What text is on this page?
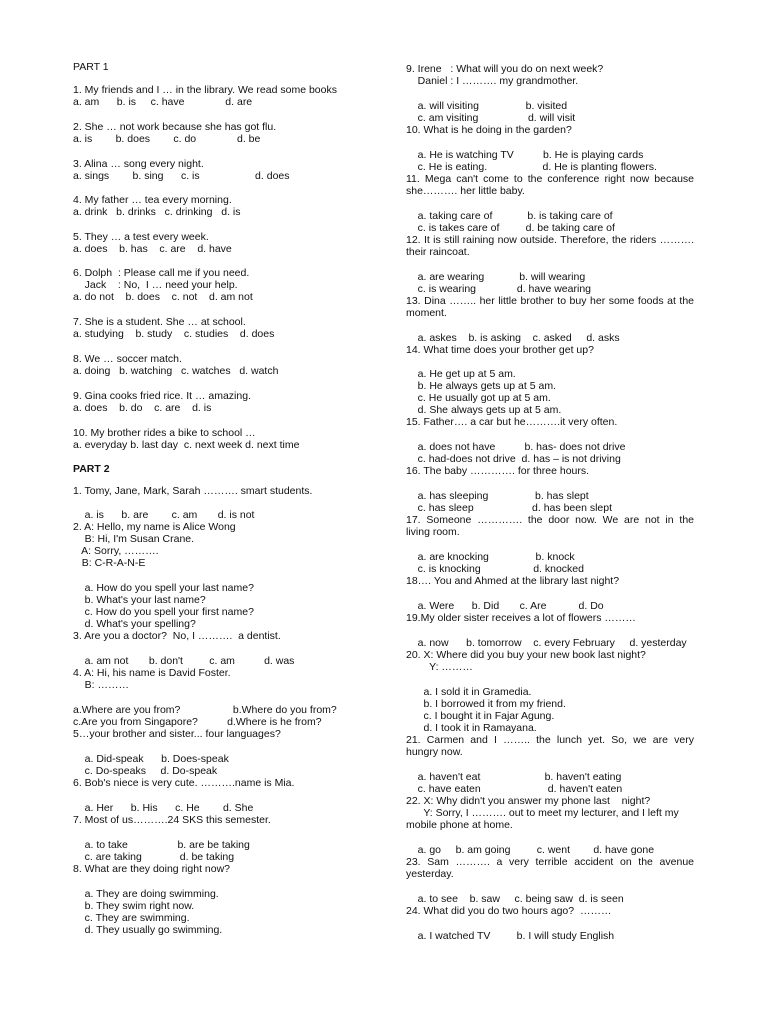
PART 1
1. My friends and I … in the library. We read some books
a. am      b. is     c. have              d. are
2. She … not work because she has got flu.
a. is        b. does        c. do              d. be
3. Alina … song every night.
a. sings        b. sing      c. is                   d. does
4. My father … tea every morning.
a. drink   b. drinks   c. drinking   d. is
5. They … a test every week.
a. does    b. has    c. are    d. have
6. Dolph  : Please call me if you need.
Jack    : No,  I … need your help.
a. do not    b. does    c. not    d. am not
7. She is a student. She … at school.
a. studying    b. study    c. studies    d. does
8. We … soccer match.
a. doing   b. watching   c. watches   d. watch
9. Gina cooks fried rice. It … amazing.
a. does    b. do    c. are    d. is
10. My brother rides a bike to school …
a. everyday b. last day  c. next week d. next time
PART 2
1. Tomy, Jane, Mark, Sarah ………. smart students.
a. is      b. are        c. am       d. is not
2. A: Hello, my name is Alice Wong
B: Hi, I'm Susan Crane.
A: Sorry, ……….
B: C-R-A-N-E
a. How do you spell your last name?
b. What's your last name?
c. How do you spell your first name?
d. What's your spelling?
3. Are you a doctor?  No, I ……….  a dentist.
a. am not       b. don't         c. am          d. was
4. A: Hi, his name is David Foster.
B: ………
a.Where are you from?                  b.Where do you from?
c.Are you from Singapore?          d.Where is he from?
5…your brother and sister... four languages?
a. Did-speak      b. Does-speak
c. Do-speaks     d. Do-speak
6. Bob's niece is very cute. ……….name is Mia.
a. Her      b. His      c. He        d. She
7. Most of us……….24 SKS this semester.
a. to take                 b. are be taking
c. are taking             d. be taking
8. What are they doing right now?
a. They are doing swimming.
b. They swim right now.
c. They are swimming.
d. They usually go swimming.
9. Irene   : What will you do on next week?
Daniel : I ………. my grandmother.
a. will visiting                b. visited
c. am visiting                 d. will visit
10. What is he doing in the garden?
a. He is watching TV          b. He is playing cards
c. He is eating.                   d. He is planting flowers.
11. Mega can't come to the conference right now because
she………. her little baby.
a. taking care of            b. is taking care of
c. is takes care of         d. be taking care of
12. It is still raining now outside. Therefore, the riders ……….
their raincoat.
a. are wearing            b. will wearing
c. is wearing              d. have wearing
13. Dina …….. her little brother to buy her some foods at the
moment.
a. askes    b. is asking    c. asked     d. asks
14. What time does your brother get up?
a. He get up at 5 am.
b. He always gets up at 5 am.
c. He usually got up at 5 am.
d. She always gets up at 5 am.
15. Father…. a car but he……….it very often.
a. does not have          b. has- does not drive
c. had-does not drive  d. has – is not driving
16. The baby …………. for three hours.
a. has sleeping                b. has slept
c. has sleep                    d. has been slept
17. Someone …………. the door now. We are not in the
living room.
a. are knocking                b. knock
c. is knocking                  d. knocked
18…. You and Ahmed at the library last night?
a. Were      b. Did       c. Are           d. Do
19.My older sister receives a lot of flowers ………
a. now      b. tomorrow    c. every February     d. yesterday
20. X: Where did you buy your new book last night?
Y: ………
a. I sold it in Gramedia.
b. I borrowed it from my friend.
c. I bought it in Fajar Agung.
d. I took it in Ramayana.
21. Carmen and I …….. the lunch yet. So, we are very
hungry now.
a. haven't eat                      b. haven't eating
c. have eaten                       d. haven't eaten
22. X: Why didn't you answer my phone last    night?
Y: Sorry, I ………. out to meet my lecturer, and I left my
mobile phone at home.
a. go     b. am going         c. went        d. have gone
23. Sam ………. a very terrible accident on the avenue
yesterday.
a. to see    b. saw     c. being saw  d. is seen
24. What did you do two hours ago?  ………
a. I watched TV         b. I will study English
